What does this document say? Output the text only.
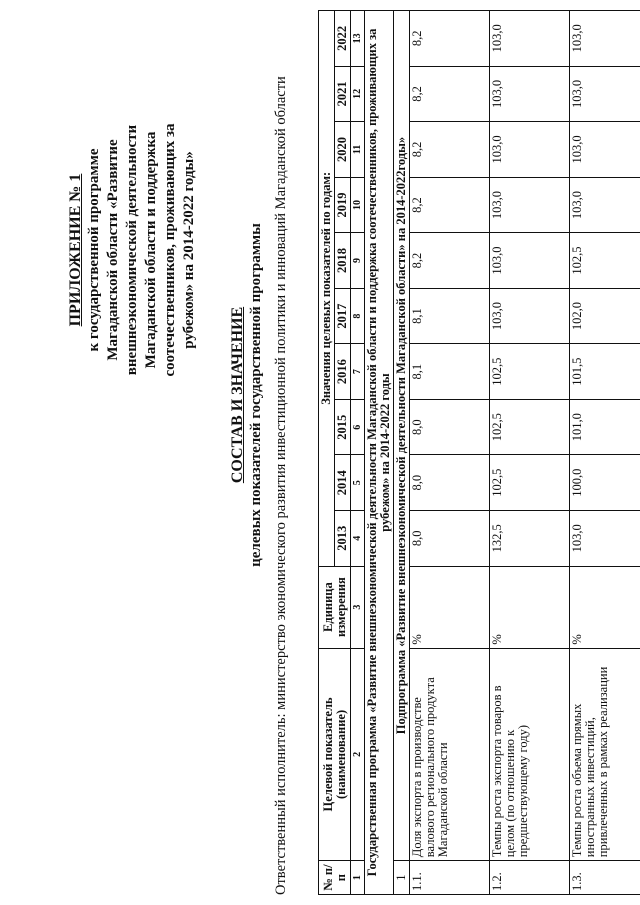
ПРИЛОЖЕНИЕ № 1 к государственной программе Магаданской области «Развитие внешнеэкономической деятельности Магаданской области и поддержка соотечественников, проживающих за рубежом» на 2014-2022 годы»
СОСТАВ И ЗНАЧЕНИЕ целевых показателей государственной программы Ответственный исполнитель: министерство экономического развития инвестиционной политики и инноваций Магаданской области	№ п/п	Целевой показатель (наименование)	Единица измерения	Значения целевых показателей по годам:									
			2013	2014	2015	2016	2017	2018	2019	2020	2021	2022
1	2	3	4	5	6	7	8	9	10	11	12	13
Государственная программа «Развитие внешнеэкономической деятельности Магаданской области и поддержка соотечественников, проживающих за рубежом» на 2014-2022 годы												
1	Подпрограмма «Развитие внешнеэкономической деятельности Магаданской области» на 2014-2022годы»											
1.1.	Доля экспорта в производстве валового регионального продукта Магаданской области	%	8,0	8,0	8,0	8,1	8,1	8,2	8,2	8,2	8,2	8,2
1.2.	Темпы роста экспорта товаров в целом (по отношению к предшествующему году)	%	132,5	102,5	102,5	102,5	103,0	103,0	103,0	103,0	103,0	103,0
1.3.	Темпы роста объема прямых иностранных инвестиций, привлеченных в рамках реализации	%	103,0	100,0	101,0	101,5	102,0	102,5	103,0	103,0	103,0	103,0
